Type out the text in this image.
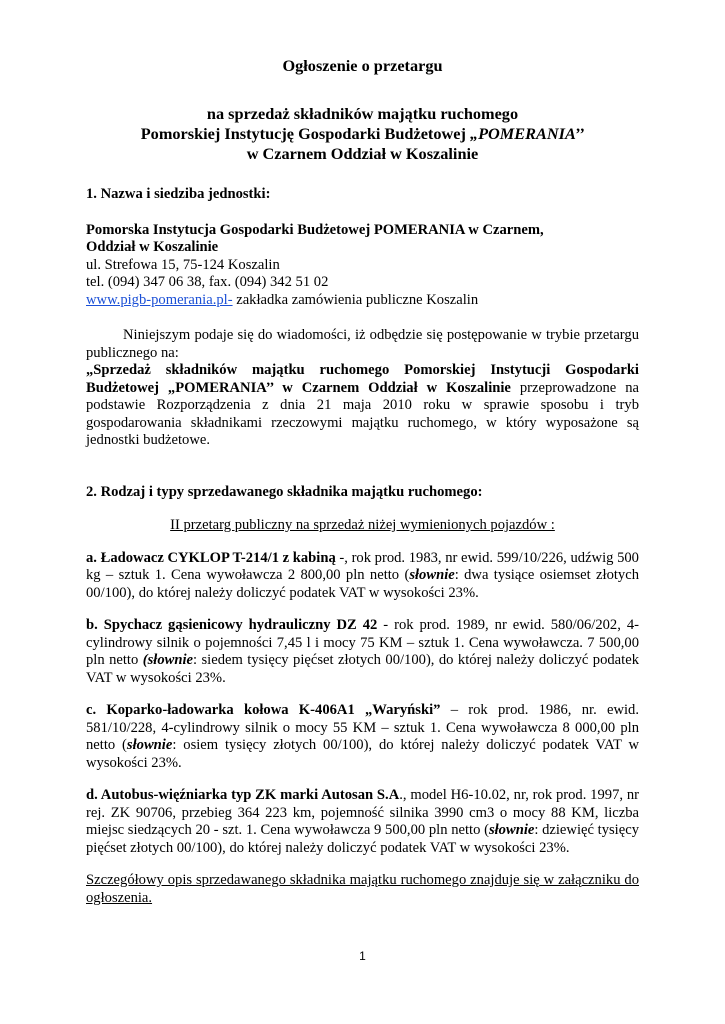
Ogłoszenie o przetargu

na sprzedaż składników majątku ruchomego

Pomorskiej Instytucję Gospodarki Budżetowej „POMERANIA’’

w Czarnem Oddział w Koszalinie

1. Nazwa i siedziba jednostki:

Pomorska Instytucja Gospodarki Budżetowej POMERANIA w Czarnem,

Oddział w Koszalinie

ul. Strefowa 15, 75-124 Koszalin

tel. (094) 347 06 38, fax. (094) 342 51 02

www.pigb-pomerania.pl- zakładka zamówienia publiczne Koszalin

Niniejszym podaje się do wiadomości, iż odbędzie się postępowanie w trybie przetargu publicznego na:
„Sprzedaż składników majątku ruchomego Pomorskiej Instytucji Gospodarki Budżetowej „POMERANIA’’ w Czarnem Oddział w Koszalinie przeprowadzone na podstawie Rozporządzenia z dnia 21 maja 2010 roku w sprawie sposobu i tryb gospodarowania składnikami rzeczowymi majątku ruchomego, w który wyposażone są jednostki budżetowe.

2. Rodzaj i typy sprzedawanego składnika majątku ruchomego:

II przetarg publiczny na sprzedaż niżej wymienionych pojazdów :

a. Ładowacz CYKLOP T-214/1 z kabiną -, rok prod. 1983, nr ewid. 599/10/226, udźwig 500 kg – sztuk 1. Cena wywoławcza 2 800,00 pln netto (słownie: dwa tysiące osiemset złotych 00/100), do której należy doliczyć podatek VAT w wysokości 23%.

b. Spychacz gąsienicowy hydrauliczny DZ 42 - rok prod. 1989, nr ewid. 580/06/202, 4-cylindrowy silnik o pojemności 7,45 l i mocy 75 KM – sztuk 1. Cena wywoławcza. 7 500,00 pln netto (słownie: siedem tysięcy pięćset złotych 00/100), do której należy doliczyć podatek VAT w wysokości 23%.

c. Koparko-ładowarka kołowa K-406A1 „Waryński” – rok prod. 1986, nr. ewid. 581/10/228, 4-cylindrowy silnik o mocy 55 KM – sztuk 1. Cena wywoławcza 8 000,00 pln netto (słownie: osiem tysięcy złotych 00/100), do której należy doliczyć podatek VAT w wysokości 23%.

d. Autobus-więźniarka typ ZK marki Autosan S.A., model H6-10.02, nr, rok prod. 1997, nr rej. ZK 90706, przebieg 364 223 km, pojemność silnika 3990 cm3 o mocy 88 KM, liczba miejsc siedzących 20 - szt. 1. Cena wywoławcza 9 500,00 pln netto (słownie: dziewięć tysięcy pięćset złotych 00/100), do której należy doliczyć podatek VAT w wysokości 23%.

Szczegółowy opis sprzedawanego składnika majątku ruchomego znajduje się w załączniku do ogłoszenia.

1
